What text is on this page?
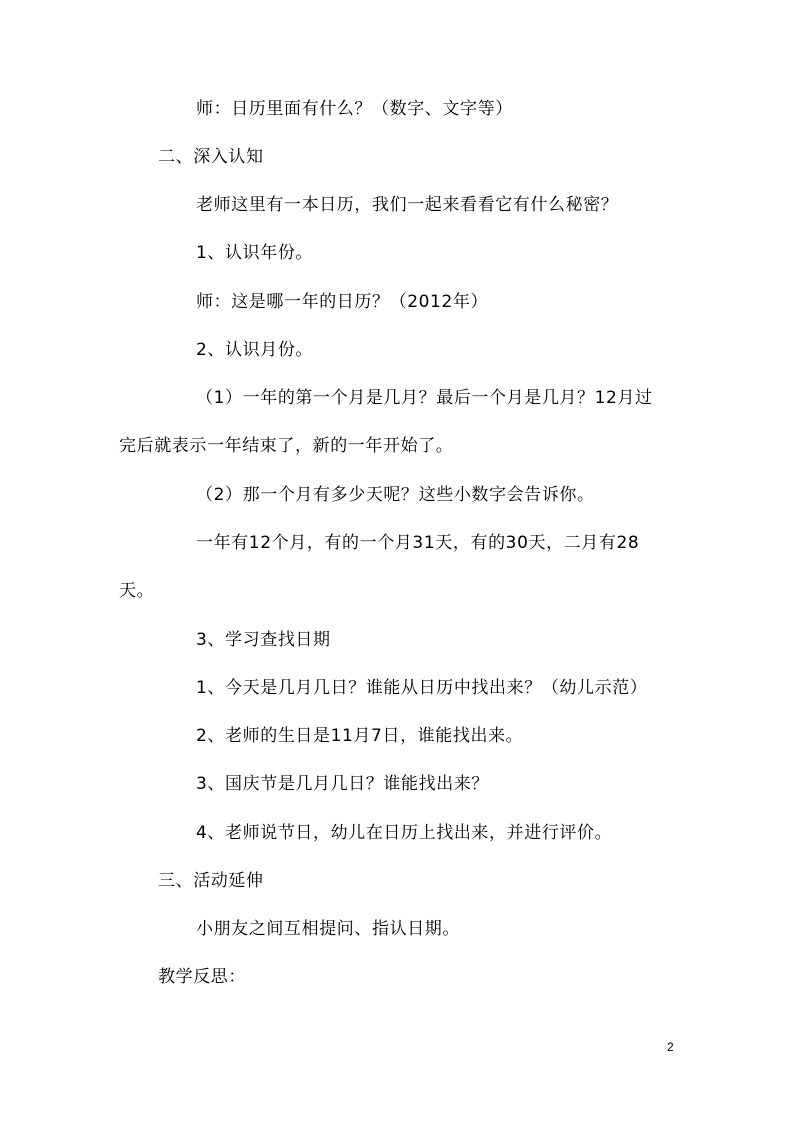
师：日历里面有什么？（数字、文字等）
二、深入认知
老师这里有一本日历，我们一起来看看它有什么秘密？
1、认识年份。
师：这是哪一年的日历？（2012年）
2、认识月份。
（1）一年的第一个月是几月？最后一个月是几月？12月过
完后就表示一年结束了，新的一年开始了。
（2）那一个月有多少天呢？这些小数字会告诉你。
一年有12个月，有的一个月31天，有的30天，二月有28
天。
3、学习查找日期
1、今天是几月几日？谁能从日历中找出来？（幼儿示范）
2、老师的生日是11月7日，谁能找出来。
3、国庆节是几月几日？谁能找出来？
4、老师说节日，幼儿在日历上找出来，并进行评价。
三、活动延伸
小朋友之间互相提问、指认日期。
教学反思：
2
